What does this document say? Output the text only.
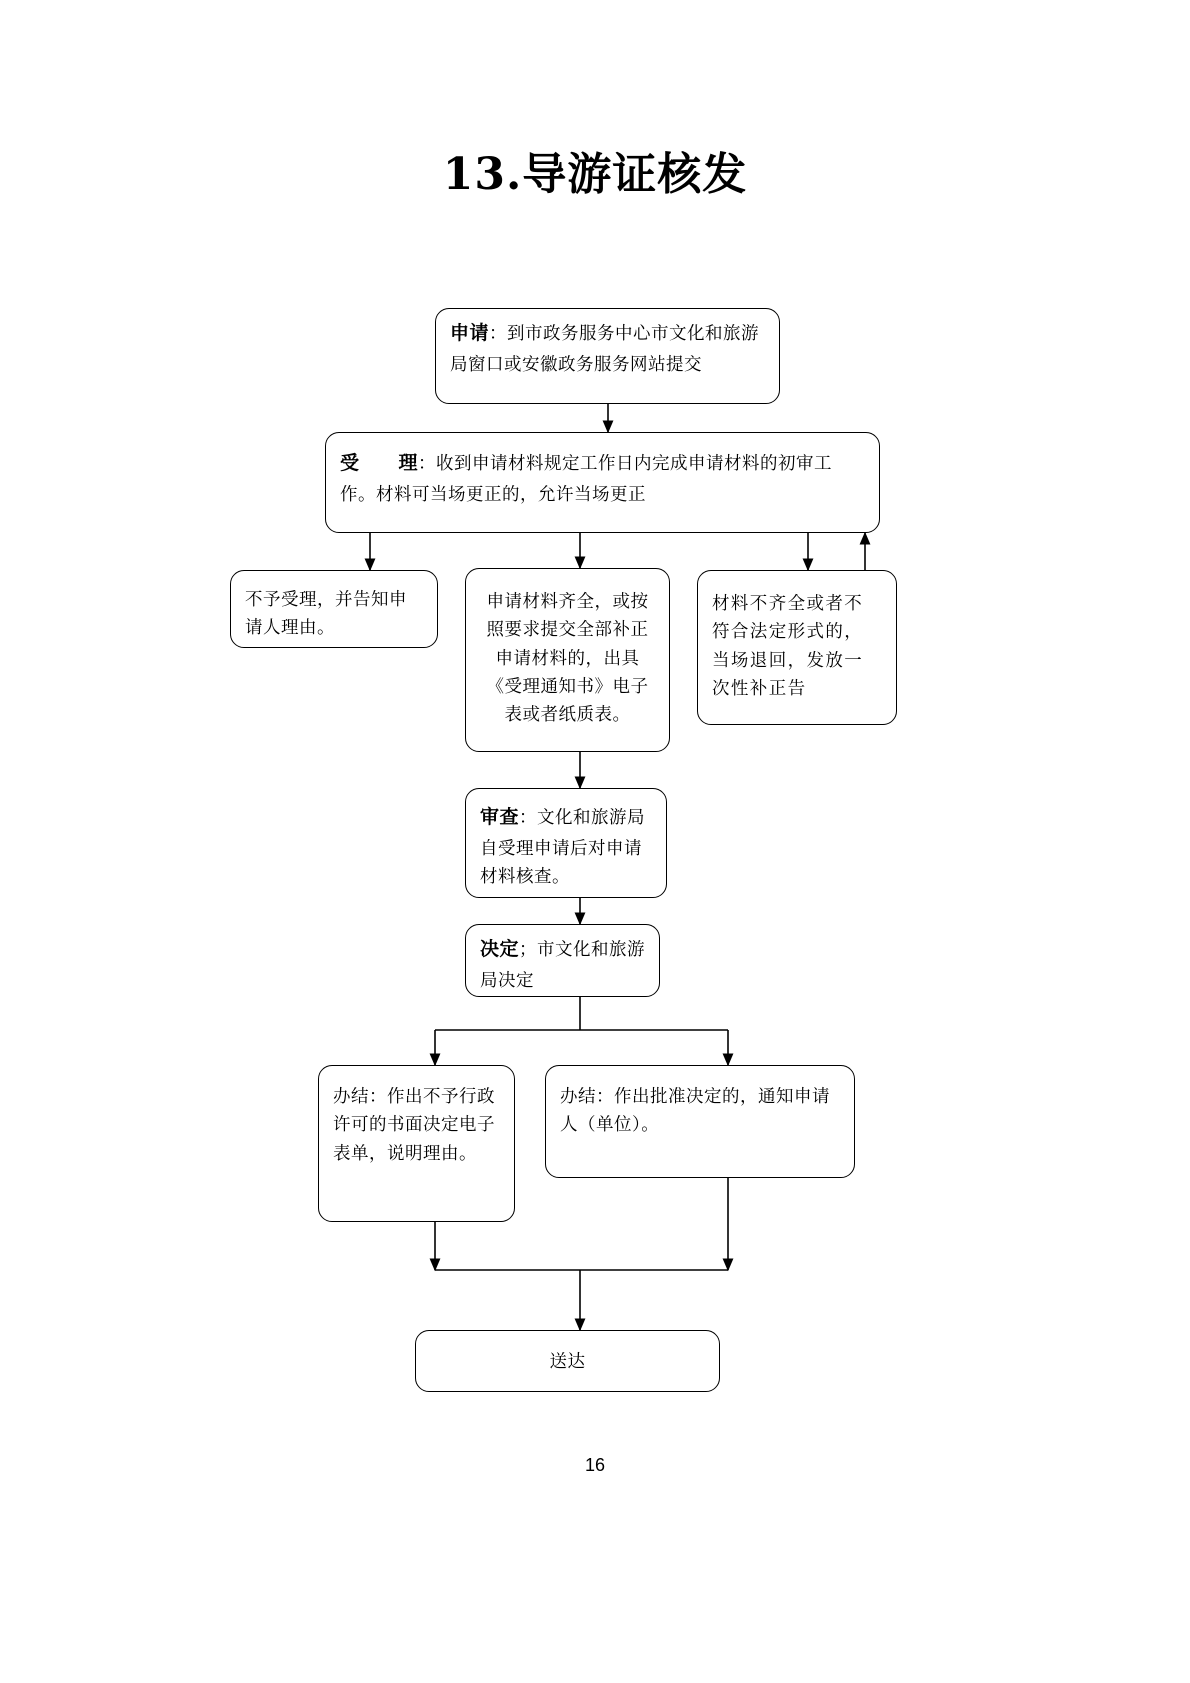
13.导游证核发
申请：到市政务服务中心市文化和旅游局窗口或安徽政务服务网站提交
受　　理：收到申请材料规定工作日内完成申请材料的初审工作。材料可当场更正的，允许当场更正
不予受理，并告知申请人理由。
申请材料齐全，或按照要求提交全部补正申请材料的，出具《受理通知书》电子表或者纸质表。
材料不齐全或者不符合法定形式的，当场退回，发放一次性补正告
审查：文化和旅游局自受理申请后对申请材料核查。
决定；市文化和旅游局决定
办结：作出不予行政许可的书面决定电子表单，说明理由。
办结：作出批准决定的，通知申请人（单位）。
送达
16
